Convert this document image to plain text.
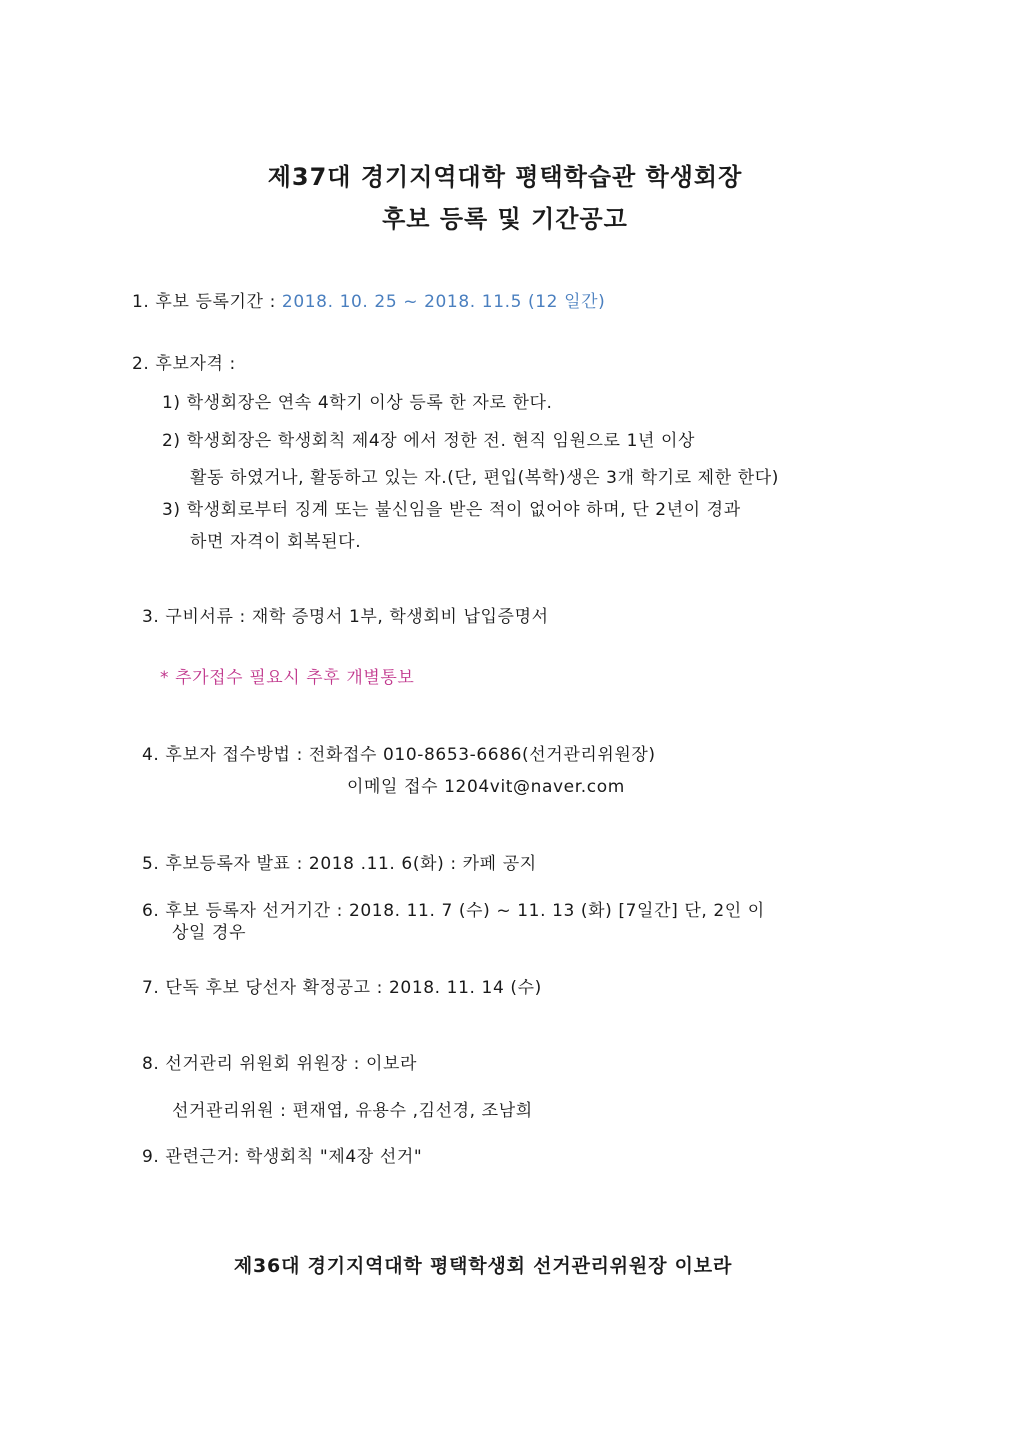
제37대 경기지역대학 평택학습관 학생회장
후보 등록 및 기간공고
1. 후보 등록기간 : 2018. 10. 25 ~ 2018. 11.5 (12 일간)
2. 후보자격 :
1) 학생회장은 연속 4학기 이상 등록 한 자로 한다.
2) 학생회장은 학생회칙 제4장 에서 정한 전. 현직 임원으로 1년 이상
활동 하였거나, 활동하고 있는 자.(단, 편입(복학)생은 3개 학기로 제한 한다)
3) 학생회로부터 징계 또는 불신임을 받은 적이 없어야 하며, 단 2년이 경과
하면 자격이 회복된다.
3. 구비서류 : 재학 증명서 1부, 학생회비 납입증명서
* 추가접수 필요시 추후 개별통보
4. 후보자 접수방법 : 전화접수 010-8653-6686(선거관리위원장)
이메일 접수 1204vit@naver.com
5. 후보등록자 발표 : 2018 .11. 6(화) : 카페 공지
6. 후보 등록자 선거기간 : 2018. 11. 7 (수) ~ 11. 13 (화) [7일간] 단, 2인 이
상일 경우
7. 단독 후보 당선자 확정공고 : 2018. 11. 14 (수)
8. 선거관리 위원회 위원장 : 이보라
선거관리위원 : 편재엽, 유용수 ,김선경, 조남희
9. 관련근거: 학생회칙 "제4장 선거"
제36대 경기지역대학 평택학생회 선거관리위원장 이보라
